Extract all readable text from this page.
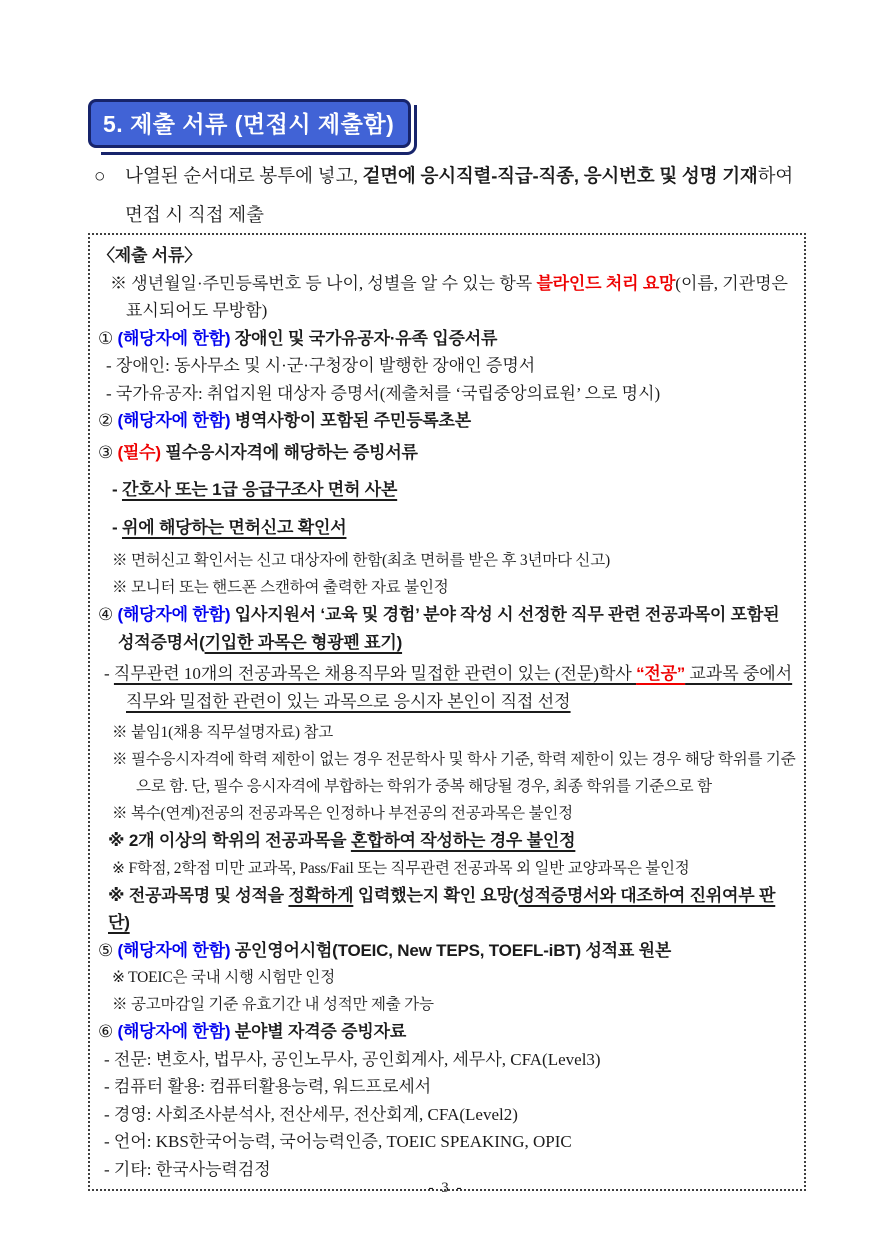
5. 제출 서류 (면접시 제출함)
○	나열된 순서대로 봉투에 넣고, 겉면에 응시직렬-직급-직종, 응시번호 및 성명 기재하여 면접 시 직접 제출
〈제출 서류〉
※ 생년월일·주민등록번호 등 나이, 성별을 알 수 있는 항목 블라인드 처리 요망(이름, 기관명은 표시되어도 무방함)
① (해당자에 한함) 장애인 및 국가유공자·유족 입증서류
- 장애인: 동사무소 및 시·군·구청장이 발행한 장애인 증명서
- 국가유공자: 취업지원 대상자 증명서(제출처를 ‘국립중앙의료원’ 으로 명시)
② (해당자에 한함) 병역사항이 포함된 주민등록초본
③ (필수) 필수응시자격에 해당하는 증빙서류
- 간호사 또는 1급 응급구조사 면허 사본
- 위에 해당하는 면허신고 확인서
※ 면허신고 확인서는 신고 대상자에 한함(최초 면허를 받은 후 3년마다 신고)
※ 모니터 또는 핸드폰 스캔하여 출력한 자료 불인정
④ (해당자에 한함) 입사지원서 ‘교육 및 경험’ 분야 작성 시 선정한 직무 관련 전공과목이 포함된 성적증명서(기입한 과목은 형광펜 표기)
- 직무관련 10개의 전공과목은 채용직무와 밀접한 관련이 있는 (전문)학사 “전공” 교과목 중에서 직무와 밀접한 관련이 있는 과목으로 응시자 본인이 직접 선정
※ 붙임1(채용 직무설명자료) 참고
※ 필수응시자격에 학력 제한이 없는 경우 전문학사 및 학사 기준, 학력 제한이 있는 경우 해당 학위를 기준으로 함. 단, 필수 응시자격에 부합하는 학위가 중복 해당될 경우, 최종 학위를 기준으로 함
※ 복수(연계)전공의 전공과목은 인정하나 부전공의 전공과목은 불인정
※ 2개 이상의 학위의 전공과목을 혼합하여 작성하는 경우 불인정
※ F학점, 2학점 미만 교과목, Pass/Fail 또는 직무관련 전공과목 외 일반 교양과목은 불인정
※ 전공과목명 및 성적을 정확하게 입력했는지 확인 요망(성적증명서와 대조하여 진위여부 판단)
⑤ (해당자에 한함) 공인영어시험(TOEIC, New TEPS, TOEFL-iBT) 성적표 원본
※ TOEIC은 국내 시행 시험만 인정
※ 공고마감일 기준 유효기간 내 성적만 제출 가능
⑥ (해당자에 한함) 분야별 자격증 증빙자료
- 전문: 변호사, 법무사, 공인노무사, 공인회계사, 세무사, CFA(Level3)
- 컴퓨터 활용: 컴퓨터활용능력, 워드프로세서
- 경영: 사회조사분석사, 전산세무, 전산회계, CFA(Level2)
- 언어: KBS한국어능력, 국어능력인증, TOEIC SPEAKING, OPIC
- 기타: 한국사능력검정
- 3 -
